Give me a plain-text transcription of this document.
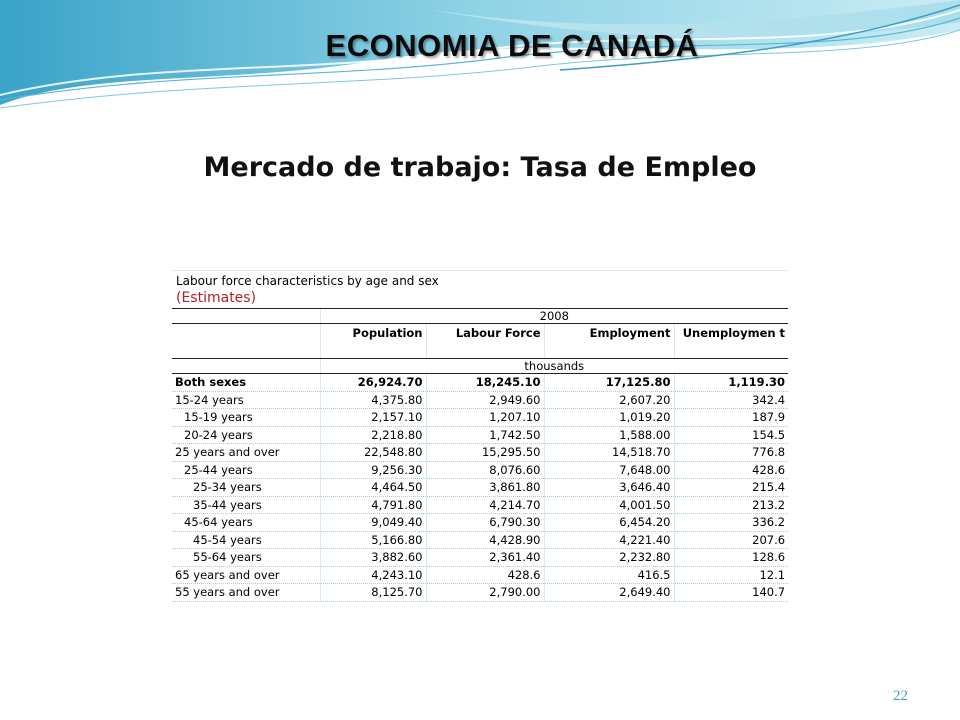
ECONOMIA DE CANADÁ
Mercado de trabajo: Tasa de Empleo
Labour force characteristics by age and sex				
(Estimates)				
	2008			
	Population	Labour Force	Employment	Unemploymen t
	thousands			
Both sexes	26,924.70	18,245.10	17,125.80	1,119.30
15-24 years	4,375.80	2,949.60	2,607.20	342.4
15-19 years	2,157.10	1,207.10	1,019.20	187.9
20-24 years	2,218.80	1,742.50	1,588.00	154.5
25 years and over	22,548.80	15,295.50	14,518.70	776.8
25-44 years	9,256.30	8,076.60	7,648.00	428.6
25-34 years	4,464.50	3,861.80	3,646.40	215.4
35-44 years	4,791.80	4,214.70	4,001.50	213.2
45-64 years	9,049.40	6,790.30	6,454.20	336.2
45-54 years	5,166.80	4,428.90	4,221.40	207.6
55-64 years	3,882.60	2,361.40	2,232.80	128.6
65 years and over	4,243.10	428.6	416.5	12.1
55 years and over	8,125.70	2,790.00	2,649.40	140.7
22
